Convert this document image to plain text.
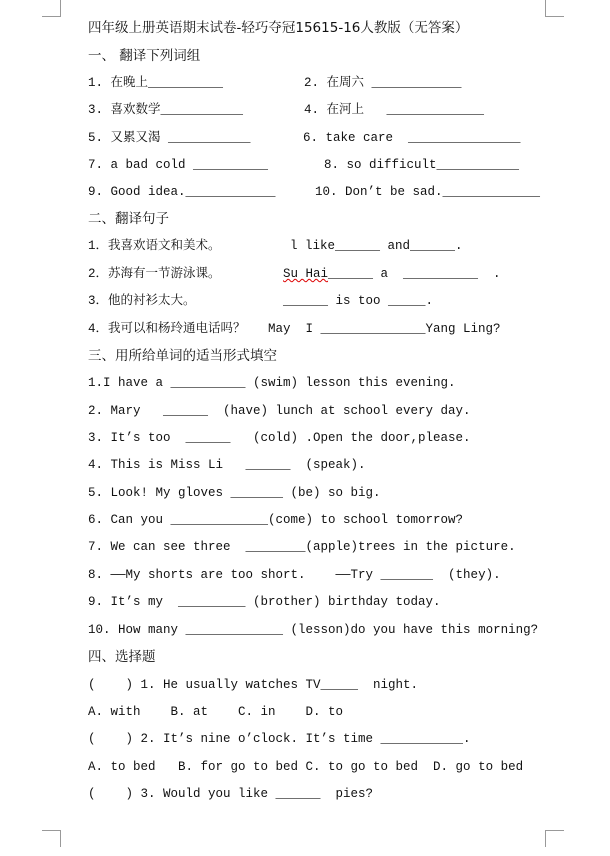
四年级上册英语期末试卷-轻巧夺冠15615-16人教版（无答案）
一、 翻译下列词组
1. 在晚上__________	2. 在周六 ____________
3. 喜欢数学___________	4. 在河上   _____________
5. 又累又渴 ___________	6. take care  _______________
7. a bad cold __________	8. so difficult___________
9. Good idea.____________	10. Don’t be sad._____________
二、翻译句子
1．我喜欢语文和美术。	l like______ and______.
2．苏海有一节游泳课。	Su Hai______ a  __________  .
3．他的衬衫太大。	______ is too _____.
4．我可以和杨玲通电话吗？ May  I ______________Yang Ling?
三、用所给单词的适当形式填空
1.I have a __________ (swim) lesson this evening.
2. Mary   ______  (have) lunch at school every day.
3. It’s too  ______   (cold) .Open the door,please.
4. This is Miss Li   ______  (speak).
5. Look! My gloves _______ (be) so big.
6. Can you _____________(come) to school tomorrow?
7. We can see three  ________(apple)trees in the picture.
8. ——My shorts are too short.    ——Try _______  (they).
9. It’s my  _________ (brother) birthday today.
10. How many _____________ (lesson)do you have this morning?
四、选择题
(    ) 1. He usually watches TV_____  night.
A. with    B. at    C. in    D. to
(    ) 2. It’s nine o’clock. It’s time ___________.
A. to bed   B. for go to bed C. to go to bed  D. go to bed
(    ) 3. Would you like ______  pies?
